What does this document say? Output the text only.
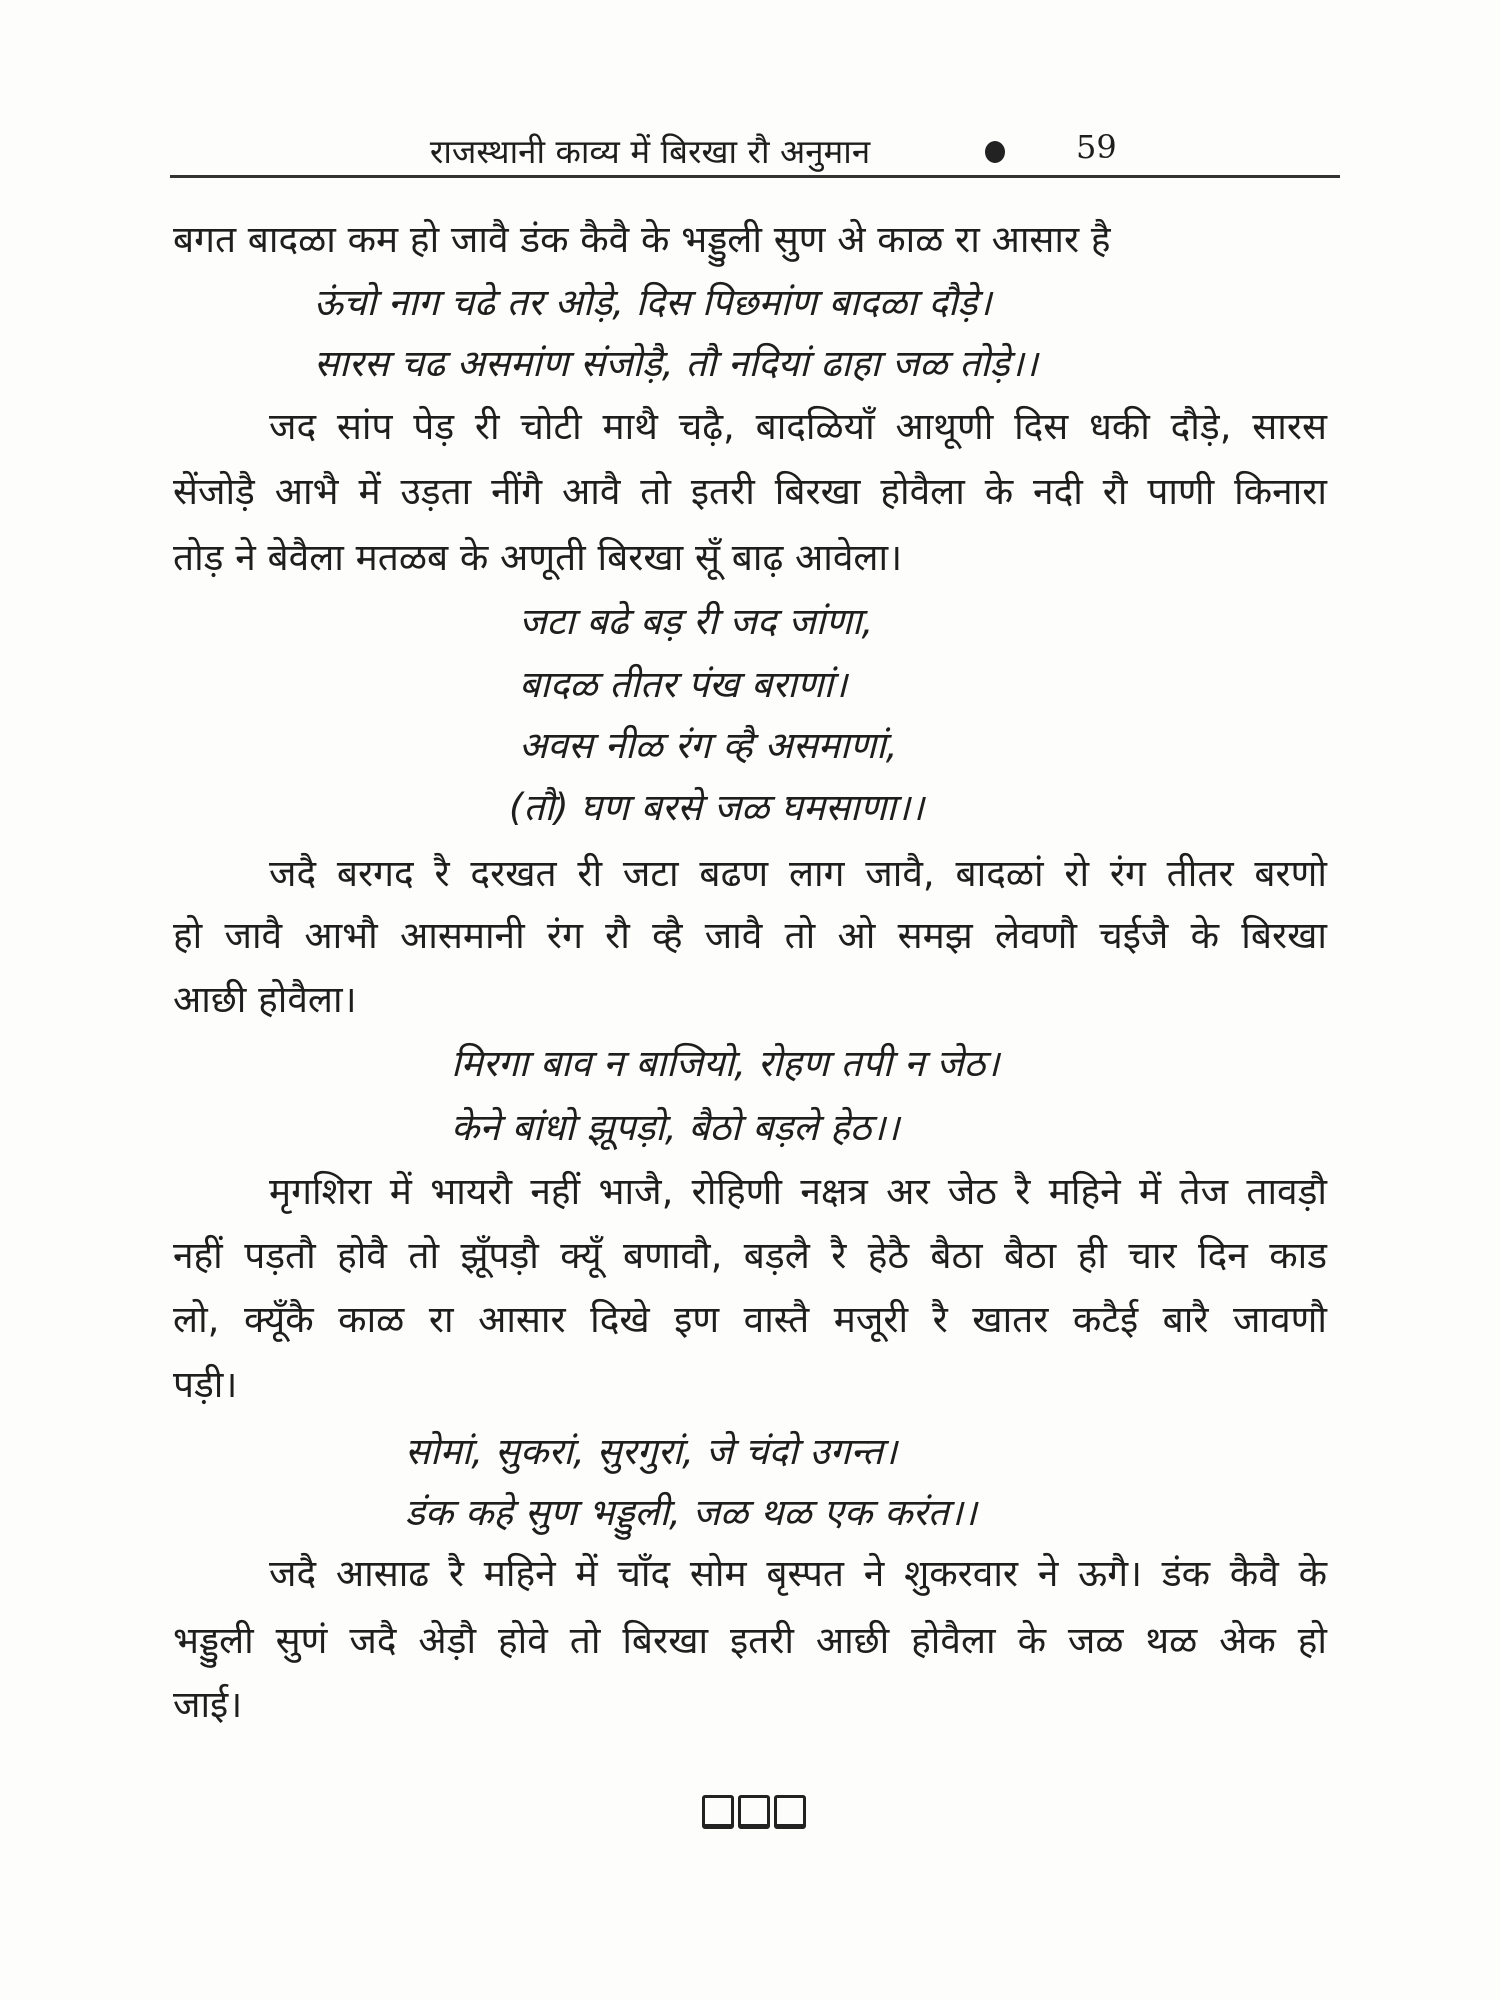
राजस्थानी काव्य में बिरखा रौ अनुमान	59
बगत बादळा कम हो जावै डंक कैवै के भड्डुली सुण अे काळ रा आसार है
ऊंचो नाग चढे तर ओड़े, दिस पिछमांण बादळा दौड़े।
सारस चढ असमांण संजोड़ै, तौ नदियां ढाहा जळ तोड़े।।
जद सांप पेड़ री चोटी माथै चढ़ै, बादळियाँ आथूणी दिस धकी दौड़े, सारस
सेंजोड़ै आभै में उड़ता नींगै आवै तो इतरी बिरखा होवैला के नदी रौ पाणी किनारा
तोड़ ने बेवैला मतळब के अणूती बिरखा सूँ बाढ़ आवेला।
जटा बढे बड़ री जद जांणा,
बादळ तीतर पंख बराणां।
अवस नीळ रंग व्है असमाणां,
(तौ) घण बरसे जळ घमसाणा।।
जदै बरगद रै दरखत री जटा बढण लाग जावै, बादळां रो रंग तीतर बरणो
हो जावै आभौ आसमानी रंग रौ व्है जावै तो ओ समझ लेवणौ चईजै के बिरखा
आछी होवैला।
मिरगा बाव न बाजियो, रोहण तपी न जेठ।
केने बांधो झूपड़ो, बैठो बड़ले हेठ।।
मृगशिरा में भायरौ नहीं भाजै, रोहिणी नक्षत्र अर जेठ रै महिने में तेज तावड़ौ
नहीं पड़तौ होवै तो झूँपड़ौ क्यूँ बणावौ, बड़लै रै हेठै बैठा बैठा ही चार दिन काड
लो, क्यूँकै काळ रा आसार दिखे इण वास्तै मजूरी रै खातर कटैई बारै जावणौ
पड़ी।
सोमां, सुकरां, सुरगुरां, जे चंदो उगन्त।
डंक कहे सुण भड्डुली, जळ थळ एक करंत।।
जदै आसाढ रै महिने में चाँद सोम बृस्पत ने शुकरवार ने ऊगै। डंक कैवै के
भड्डुली सुणं जदै अेड़ौ होवे तो बिरखा इतरी आछी होवैला के जळ थळ अेक हो
जाई।
